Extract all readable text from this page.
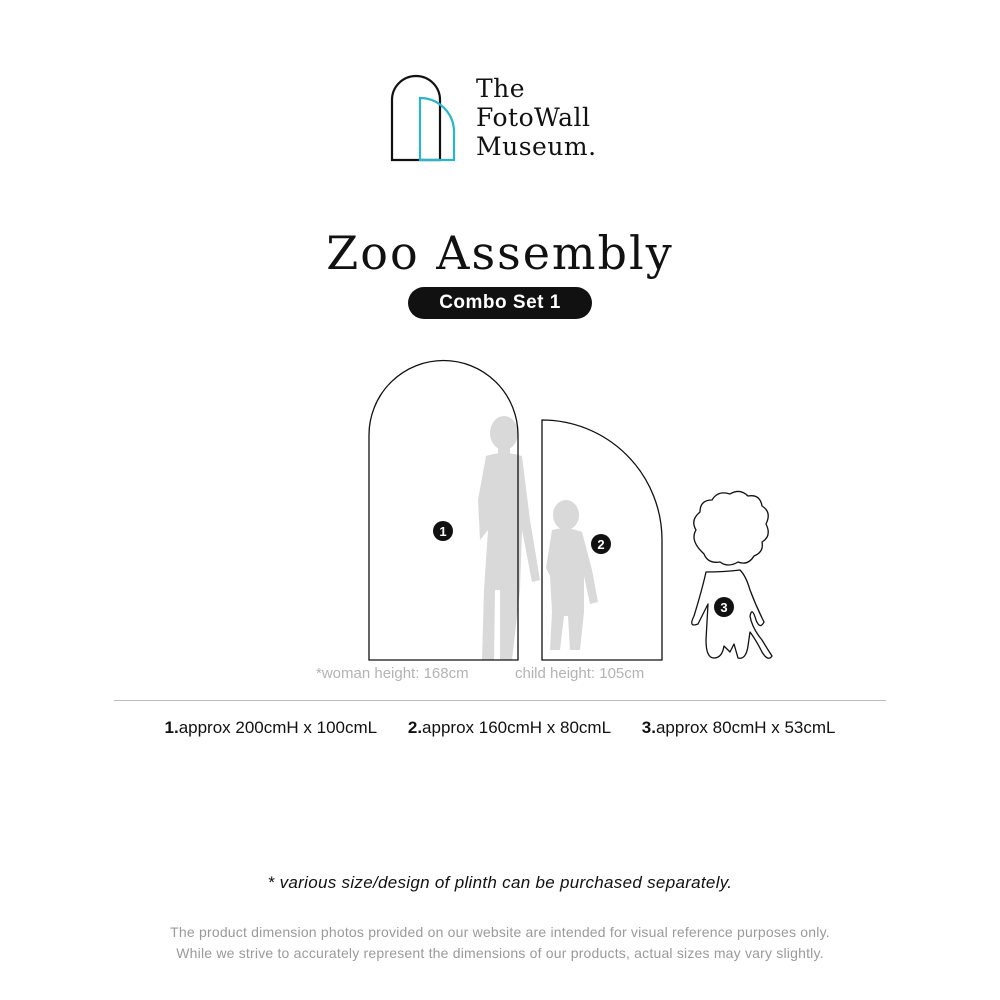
The
FotoWall
Museum.
Zoo Assembly
Combo Set 1
1
2
3
*woman height: 168cm	child height: 105cm
1.approx 200cmH x 100cmL 2.approx 160cmH x 80cmL 3.approx 80cmH x 53cmL
* various size/design of plinth can be purchased separately.
The product dimension photos provided on our website are intended for visual reference purposes only.
While we strive to accurately represent the dimensions of our products, actual sizes may vary slightly.
